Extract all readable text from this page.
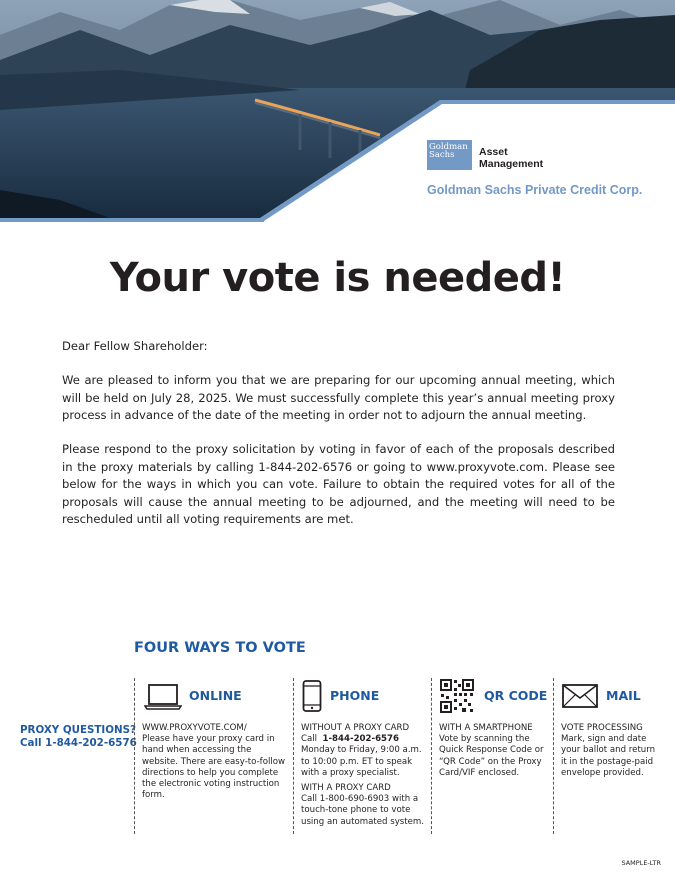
Goldman
Sachs	Asset
Management
Goldman Sachs Private Credit Corp.
Your vote is needed!

Dear Fellow Shareholder:

We are pleased to inform you that we are preparing for our upcoming annual meeting, which will be held on July 28, 2025. We must successfully complete this year’s annual meeting proxy process in advance of the date of the meeting in order not to adjourn the annual meeting.

Please respond to the proxy solicitation by voting in favor of each of the proposals described in the proxy materials by calling 1-844-202-6576 or going to www.proxyvote.com. Please see below for the ways in which you can vote. Failure to obtain the required votes for all of the proposals will cause the annual meeting to be adjourned, and the meeting will need to be rescheduled until all voting requirements are met.

FOUR WAYS TO VOTE
PROXY QUESTIONS?
Call 1-844-202-6576
ONLINE
WWW.PROXYVOTE.COM/
Please have your proxy card in hand when accessing the website. There are easy-to-follow directions to help you complete the electronic voting instruction form.
PHONE
WITHOUT A PROXY CARD
Call 1-844-202-6576
Monday to Friday, 9:00 a.m. to 10:00 p.m. ET to speak with a proxy specialist.
WITH A PROXY CARD
Call 1-800-690-6903 with a touch-tone phone to vote using an automated system.
QR CODE
WITH A SMARTPHONE
Vote by scanning the Quick Response Code or “QR Code” on the Proxy Card/VIF enclosed.
MAIL
VOTE PROCESSING
Mark, sign and date your ballot and return it in the postage-paid envelope provided.
SAMPLE-LTR
